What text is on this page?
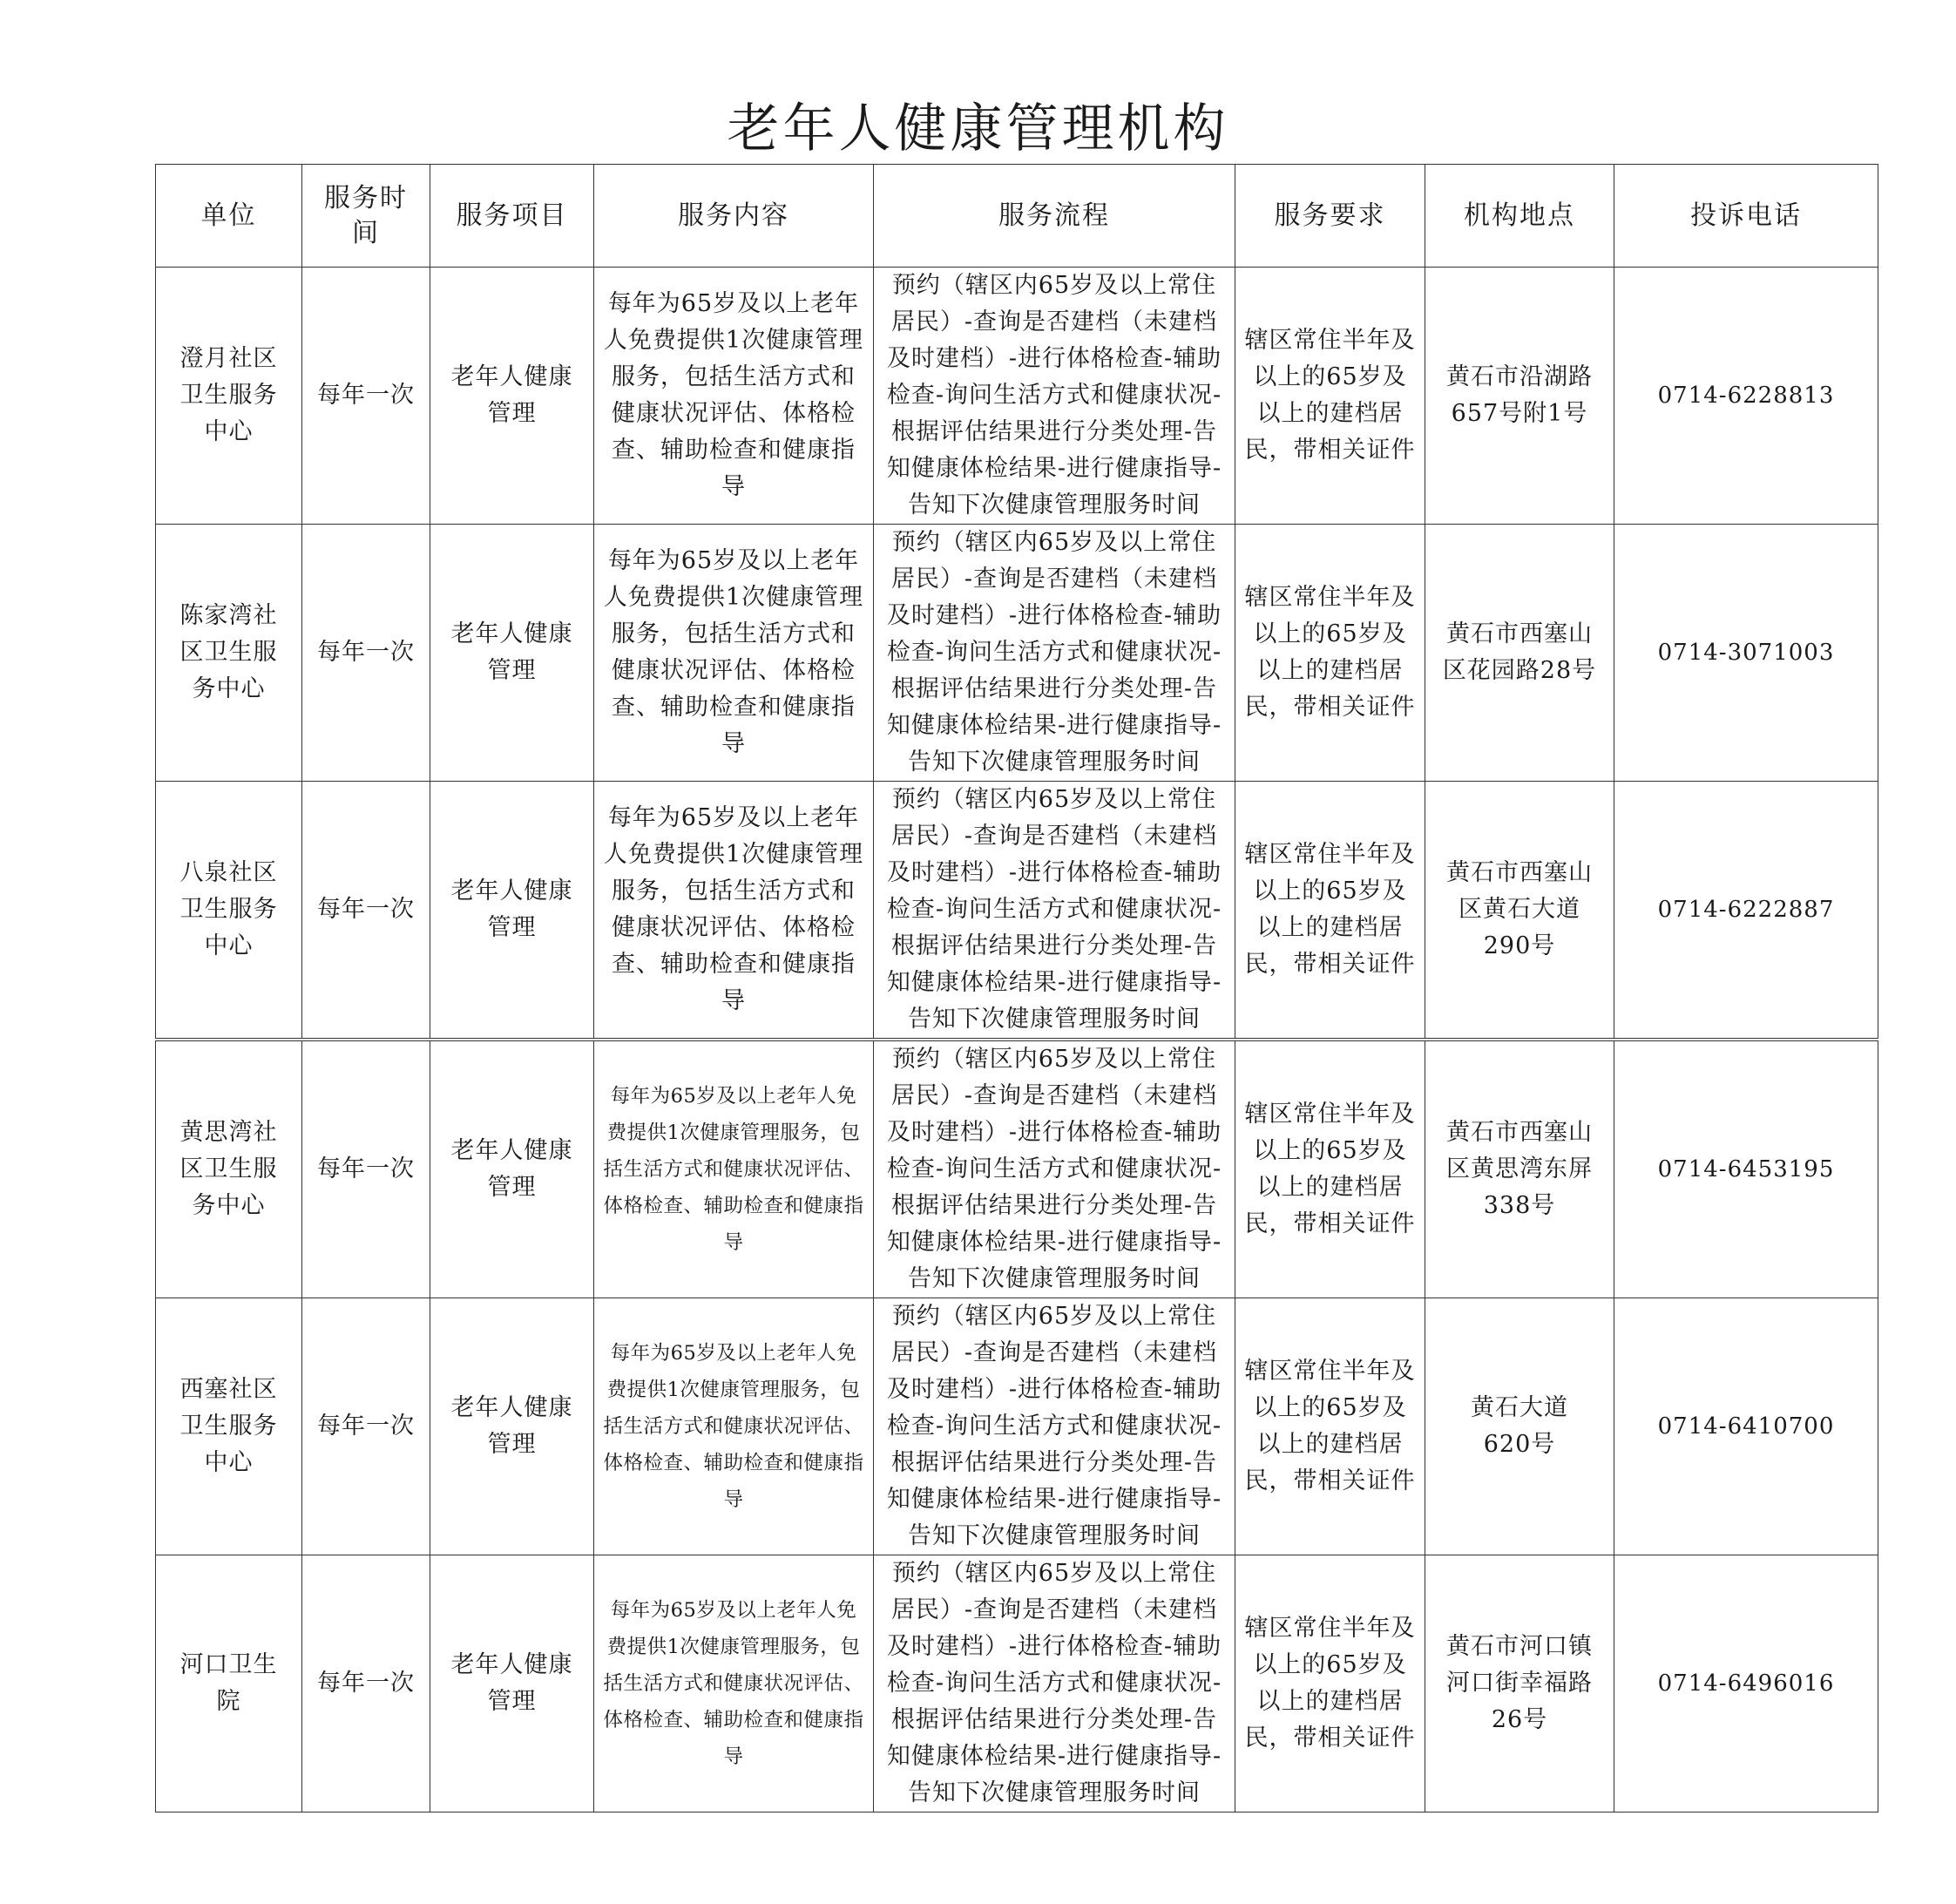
老年人健康管理机构
单位	服务时间	服务项目	服务内容	服务流程	服务要求	机构地点	投诉电话
澄月社区卫生服务中心	每年一次	老年人健康管理	每年为65岁及以上老年人免费提供1次健康管理服务，包括生活方式和健康状况评估、体格检查、辅助检查和健康指导	预约（辖区内65岁及以上常住居民）-查询是否建档（未建档及时建档）-进行体格检查-辅助检查-询问生活方式和健康状况-根据评估结果进行分类处理-告知健康体检结果-进行健康指导-告知下次健康管理服务时间	辖区常住半年及以上的65岁及以上的建档居民，带相关证件	黄石市沿湖路657号附1号	0714-6228813
陈家湾社区卫生服务中心	每年一次	老年人健康管理	每年为65岁及以上老年人免费提供1次健康管理服务，包括生活方式和健康状况评估、体格检查、辅助检查和健康指导	预约（辖区内65岁及以上常住居民）-查询是否建档（未建档及时建档）-进行体格检查-辅助检查-询问生活方式和健康状况-根据评估结果进行分类处理-告知健康体检结果-进行健康指导-告知下次健康管理服务时间	辖区常住半年及以上的65岁及以上的建档居民，带相关证件	黄石市西塞山区花园路28号	0714-3071003
八泉社区卫生服务中心	每年一次	老年人健康管理	每年为65岁及以上老年人免费提供1次健康管理服务，包括生活方式和健康状况评估、体格检查、辅助检查和健康指导	预约（辖区内65岁及以上常住居民）-查询是否建档（未建档及时建档）-进行体格检查-辅助检查-询问生活方式和健康状况-根据评估结果进行分类处理-告知健康体检结果-进行健康指导-告知下次健康管理服务时间	辖区常住半年及以上的65岁及以上的建档居民，带相关证件	黄石市西塞山区黄石大道290号	0714-6222887
黄思湾社区卫生服务中心	每年一次	老年人健康管理	每年为65岁及以上老年人免费提供1次健康管理服务，包括生活方式和健康状况评估、体格检查、辅助检查和健康指导	预约（辖区内65岁及以上常住居民）-查询是否建档（未建档及时建档）-进行体格检查-辅助检查-询问生活方式和健康状况-根据评估结果进行分类处理-告知健康体检结果-进行健康指导-告知下次健康管理服务时间	辖区常住半年及以上的65岁及以上的建档居民，带相关证件	黄石市西塞山区黄思湾东屏338号	0714-6453195
西塞社区卫生服务中心	每年一次	老年人健康管理	每年为65岁及以上老年人免费提供1次健康管理服务，包括生活方式和健康状况评估、体格检查、辅助检查和健康指导	预约（辖区内65岁及以上常住居民）-查询是否建档（未建档及时建档）-进行体格检查-辅助检查-询问生活方式和健康状况-根据评估结果进行分类处理-告知健康体检结果-进行健康指导-告知下次健康管理服务时间	辖区常住半年及以上的65岁及以上的建档居民，带相关证件	黄石大道620号	0714-6410700
河口卫生院	每年一次	老年人健康管理	每年为65岁及以上老年人免费提供1次健康管理服务，包括生活方式和健康状况评估、体格检查、辅助检查和健康指导	预约（辖区内65岁及以上常住居民）-查询是否建档（未建档及时建档）-进行体格检查-辅助检查-询问生活方式和健康状况-根据评估结果进行分类处理-告知健康体检结果-进行健康指导-告知下次健康管理服务时间	辖区常住半年及以上的65岁及以上的建档居民，带相关证件	黄石市河口镇河口街幸福路26号	0714-6496016
